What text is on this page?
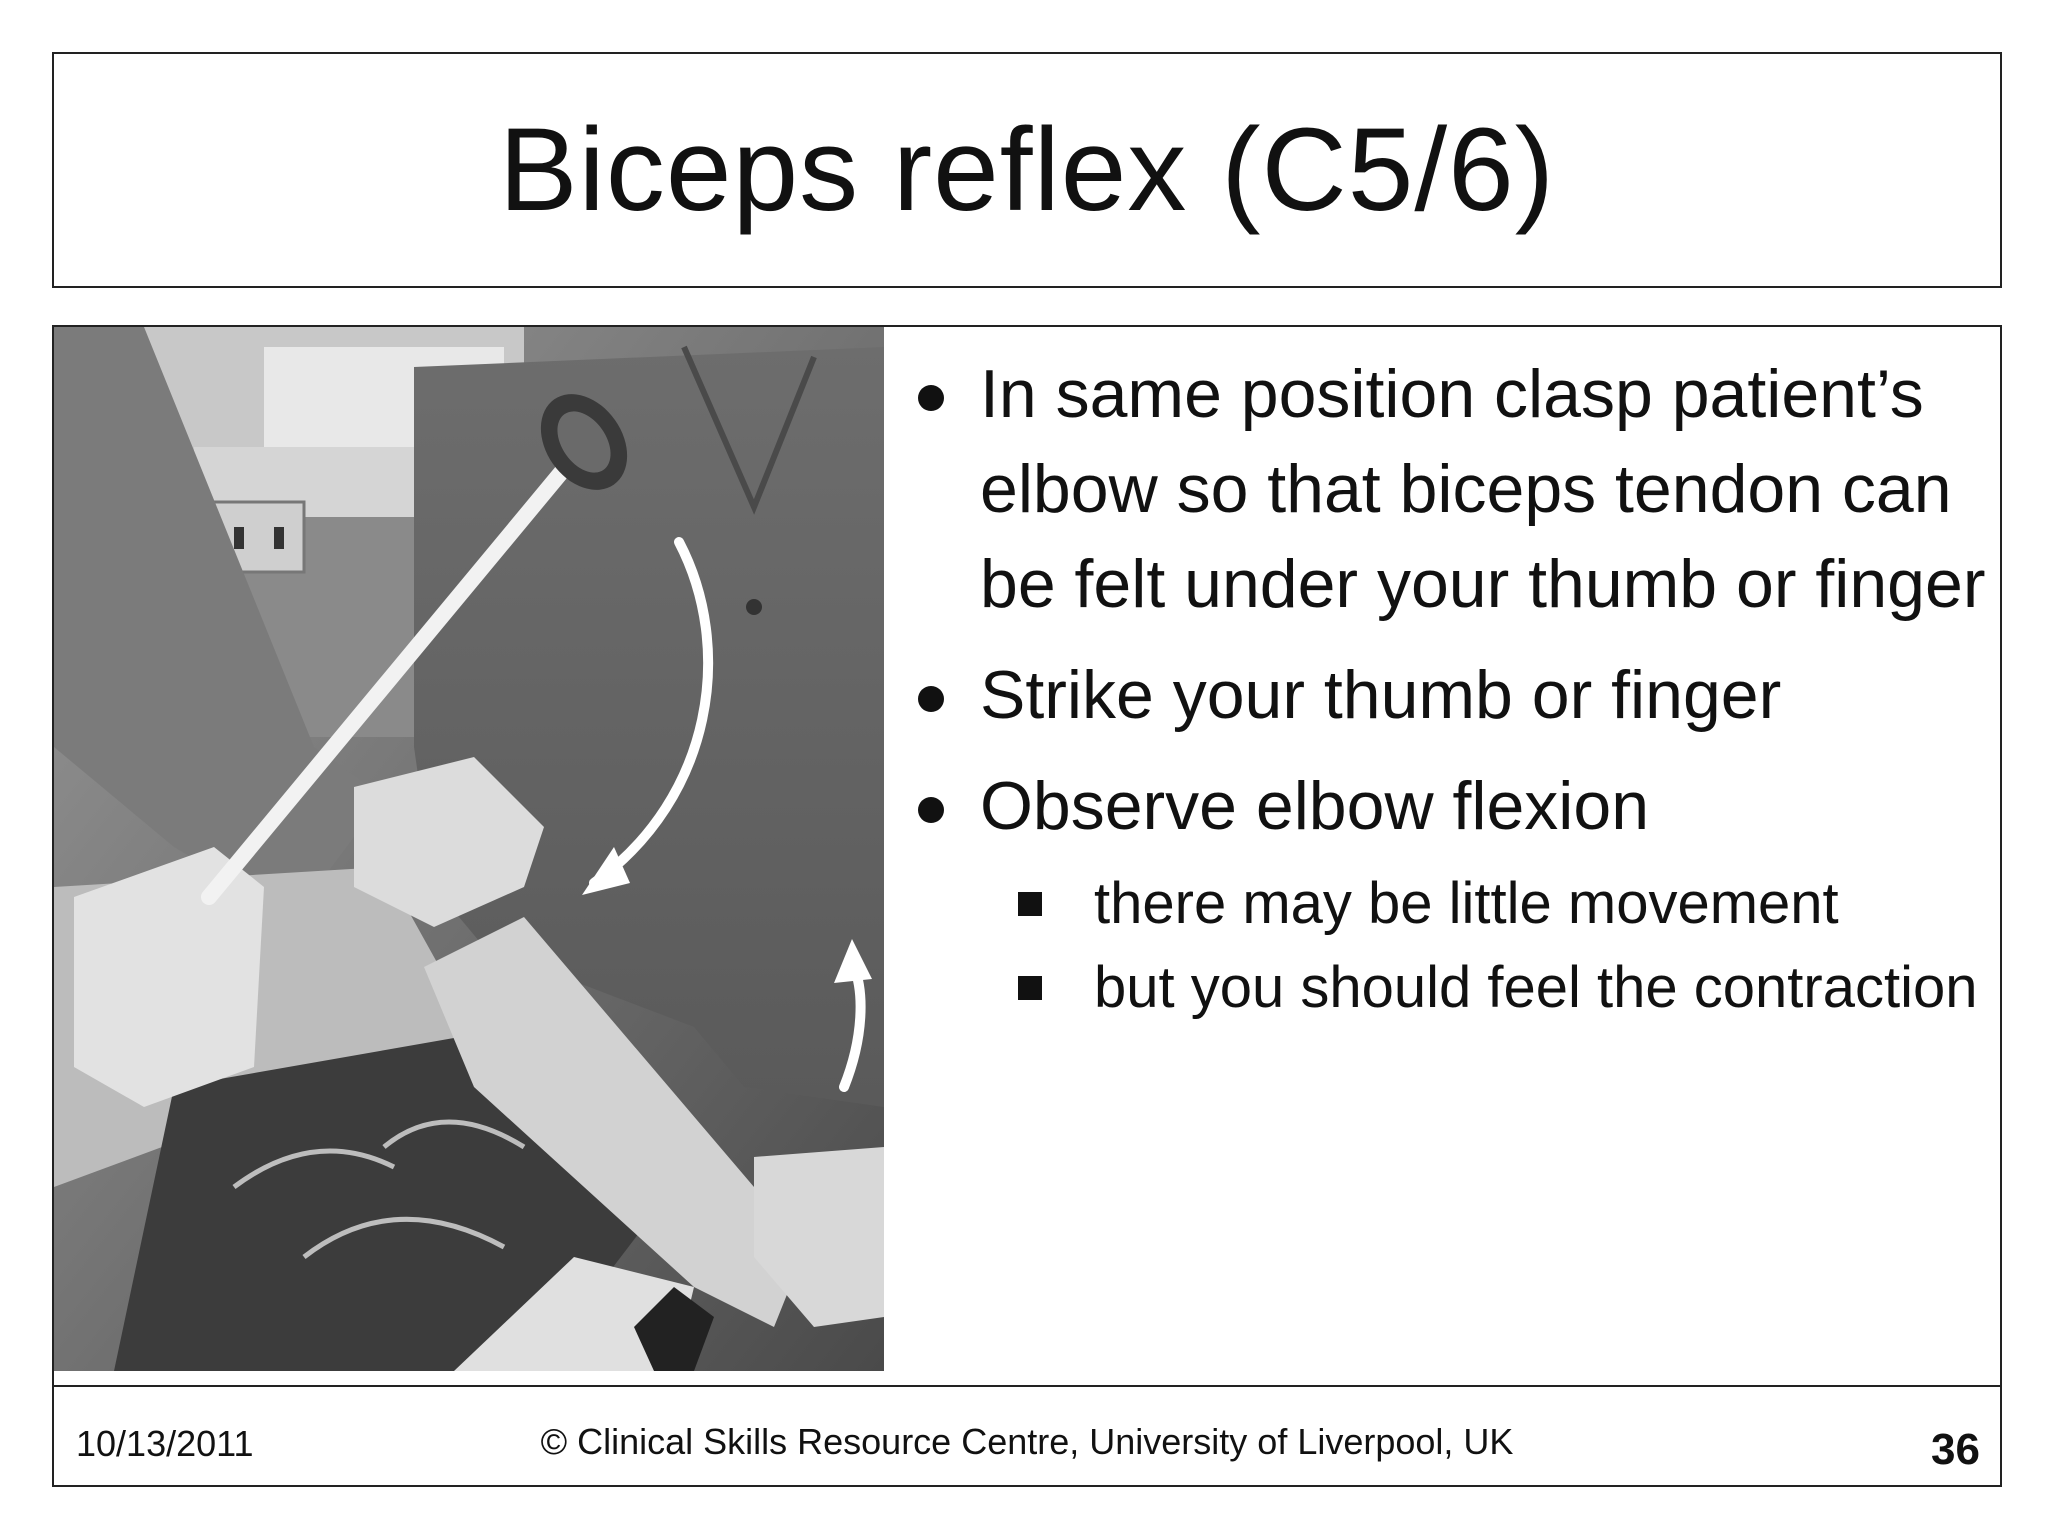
Biceps reflex (C5/6)
In same position clasp patient’s elbow so that biceps tendon can be felt under your thumb or finger
Strike your thumb or finger
Observe elbow flexion
there may be little movement
but you should feel the contraction
10/13/2011	© Clinical Skills Resource Centre, University of Liverpool, UK	36
